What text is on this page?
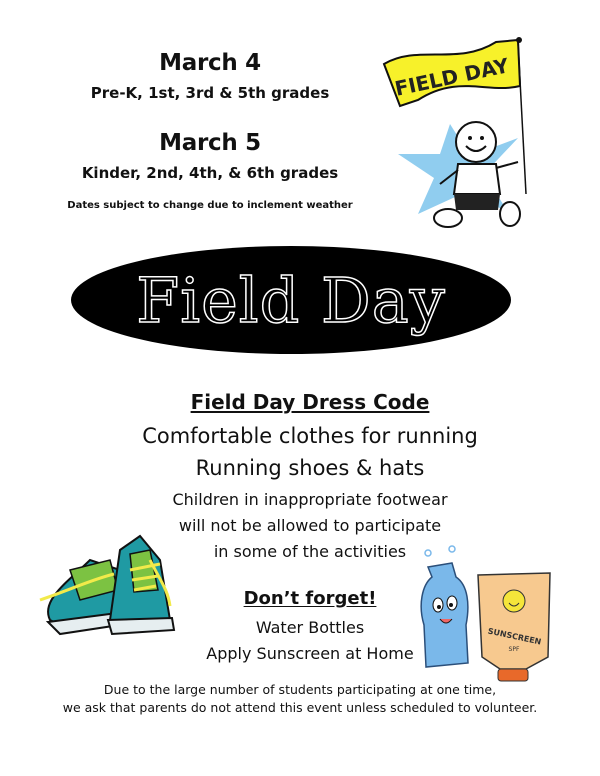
March 4
Pre-K, 1st, 3rd & 5th grades
March 5
Kinder, 2nd, 4th, & 6th grades
Dates subject to change due to inclement weather
FIELD DAY
Field Day
Field Day Dress Code
Comfortable clothes for running
Running shoes & hats
Children in inappropriate footwear
will not be allowed to participate
in some of the activities
Don’t forget!
Water Bottles
Apply Sunscreen at Home
SUNSCREEN
SPF
Due to the large number of students participating at one time,
we ask that parents do not attend this event unless scheduled to volunteer.
